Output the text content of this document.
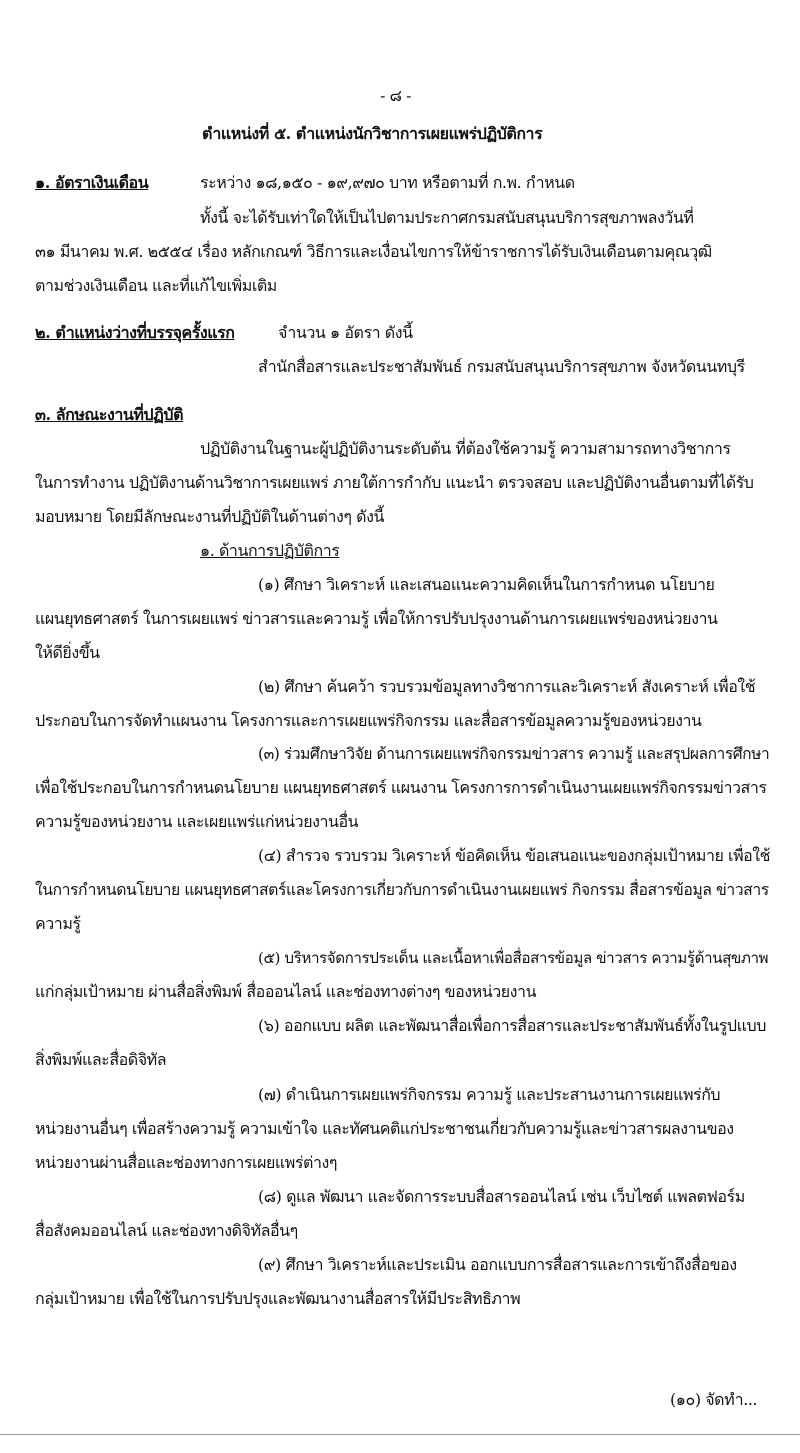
- ๘ -
ตำแหน่งที่ ๕. ตำแหน่งนักวิชาการเผยแพร่ปฏิบัติการ
๑. อัตราเงินเดือน	ระหว่าง ๑๘,๑๕๐ - ๑๙,๙๗๐ บาท หรือตามที่ ก.พ. กำหนด
ทั้งนี้ จะได้รับเท่าใดให้เป็นไปตามประกาศกรมสนับสนุนบริการสุขภาพลงวันที่
๓๑ มีนาคม พ.ศ. ๒๕๕๔ เรื่อง หลักเกณฑ์ วิธีการและเงื่อนไขการให้ข้าราชการได้รับเงินเดือนตามคุณวุฒิ
ตามช่วงเงินเดือน และที่แก้ไขเพิ่มเติม
๒. ตำแหน่งว่างที่บรรจุครั้งแรก	จำนวน ๑ อัตรา ดังนี้
สำนักสื่อสารและประชาสัมพันธ์ กรมสนับสนุนบริการสุขภาพ จังหวัดนนทบุรี
๓. ลักษณะงานที่ปฏิบัติ
ปฏิบัติงานในฐานะผู้ปฏิบัติงานระดับต้น ที่ต้องใช้ความรู้ ความสามารถทางวิชาการ
ในการทำงาน ปฏิบัติงานด้านวิชาการเผยแพร่ ภายใต้การกำกับ แนะนำ ตรวจสอบ และปฏิบัติงานอื่นตามที่ได้รับ
มอบหมาย โดยมีลักษณะงานที่ปฏิบัติในด้านต่างๆ ดังนี้
๑. ด้านการปฏิบัติการ
(๑) ศึกษา วิเคราะห์ และเสนอแนะความคิดเห็นในการกำหนด นโยบาย
แผนยุทธศาสตร์ ในการเผยแพร่ ข่าวสารและความรู้ เพื่อให้การปรับปรุงงานด้านการเผยแพร่ของหน่วยงาน
ให้ดียิ่งขึ้น
(๒) ศึกษา ค้นคว้า รวบรวมข้อมูลทางวิชาการและวิเคราะห์ สังเคราะห์ เพื่อใช้
ประกอบในการจัดทำแผนงาน โครงการและการเผยแพร่กิจกรรม และสื่อสารข้อมูลความรู้ของหน่วยงาน
(๓) ร่วมศึกษาวิจัย ด้านการเผยแพร่กิจกรรมข่าวสาร ความรู้ และสรุปผลการศึกษา
เพื่อใช้ประกอบในการกำหนดนโยบาย แผนยุทธศาสตร์ แผนงาน โครงการการดำเนินงานเผยแพร่กิจกรรมข่าวสาร
ความรู้ของหน่วยงาน และเผยแพร่แก่หน่วยงานอื่น
(๔) สำรวจ รวบรวม วิเคราะห์ ข้อคิดเห็น ข้อเสนอแนะของกลุ่มเป้าหมาย เพื่อใช้
ในการกำหนดนโยบาย แผนยุทธศาสตร์และโครงการเกี่ยวกับการดำเนินงานเผยแพร่ กิจกรรม สื่อสารข้อมูล ข่าวสาร
ความรู้
(๕) บริหารจัดการประเด็น และเนื้อหาเพื่อสื่อสารข้อมูล ข่าวสาร ความรู้ด้านสุขภาพ
แก่กลุ่มเป้าหมาย ผ่านสื่อสิ่งพิมพ์ สื่อออนไลน์ และช่องทางต่างๆ ของหน่วยงาน
(๖) ออกแบบ ผลิต และพัฒนาสื่อเพื่อการสื่อสารและประชาสัมพันธ์ทั้งในรูปแบบ
สิ่งพิมพ์และสื่อดิจิทัล
(๗) ดำเนินการเผยแพร่กิจกรรม ความรู้ และประสานงานการเผยแพร่กับ
หน่วยงานอื่นๆ เพื่อสร้างความรู้ ความเข้าใจ และทัศนคติแก่ประชาชนเกี่ยวกับความรู้และข่าวสารผลงานของ
หน่วยงานผ่านสื่อและช่องทางการเผยแพร่ต่างๆ
(๘) ดูแล พัฒนา และจัดการระบบสื่อสารออนไลน์ เช่น เว็บไซต์ แพลตฟอร์ม
สื่อสังคมออนไลน์ และช่องทางดิจิทัลอื่นๆ
(๙) ศึกษา วิเคราะห์และประเมิน ออกแบบการสื่อสารและการเข้าถึงสื่อของ
กลุ่มเป้าหมาย เพื่อใช้ในการปรับปรุงและพัฒนางานสื่อสารให้มีประสิทธิภาพ
(๑๐) จัดทำ...
